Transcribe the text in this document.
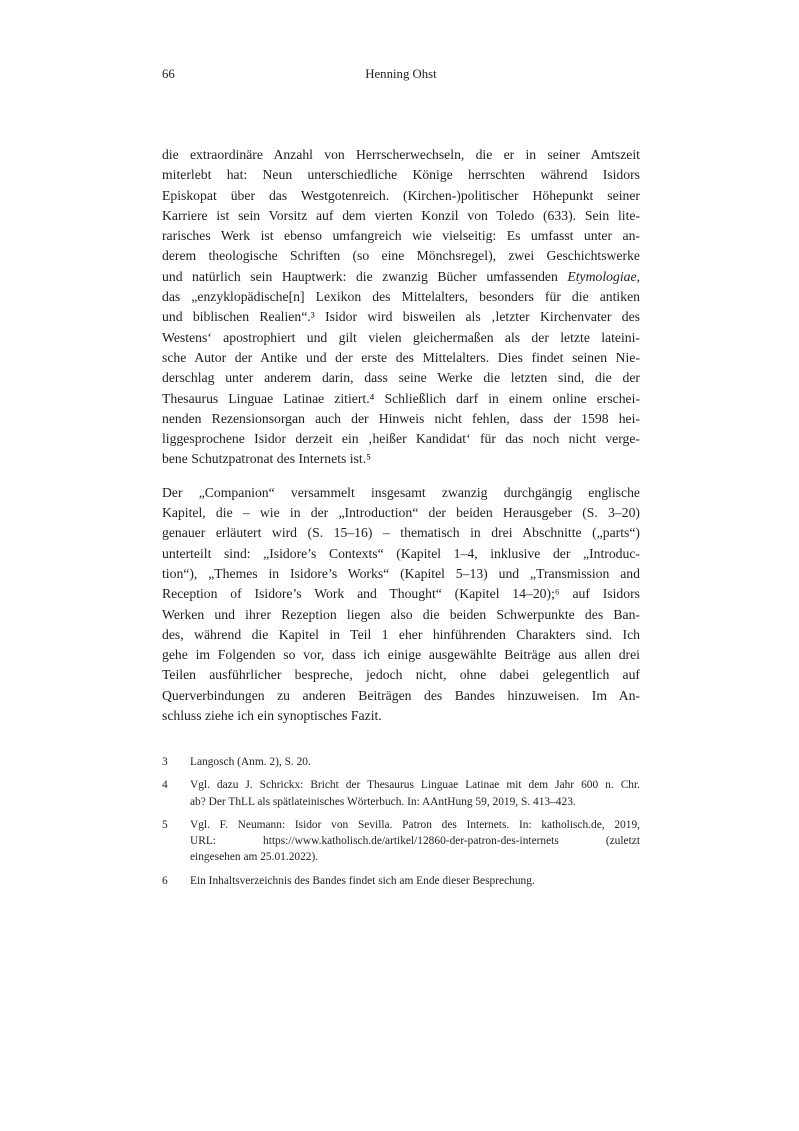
66	Henning Ohst
die extraordinäre Anzahl von Herrscherwechseln, die er in seiner Amtszeit
miterlebt hat: Neun unterschiedliche Könige herrschten während Isidors
Episkopat über das Westgotenreich. (Kirchen-)politischer Höhepunkt seiner
Karriere ist sein Vorsitz auf dem vierten Konzil von Toledo (633). Sein lite-
rarisches Werk ist ebenso umfangreich wie vielseitig: Es umfasst unter an-
derem theologische Schriften (so eine Mönchsregel), zwei Geschichtswerke
und natürlich sein Hauptwerk: die zwanzig Bücher umfassenden Etymologiae,
das „enzyklopädische[n] Lexikon des Mittelalters, besonders für die antiken
und biblischen Realien“.³ Isidor wird bisweilen als ‚letzter Kirchenvater des
Westens‘ apostrophiert und gilt vielen gleichermaßen als der letzte lateini-
sche Autor der Antike und der erste des Mittelalters. Dies findet seinen Nie-
derschlag unter anderem darin, dass seine Werke die letzten sind, die der
Thesaurus Linguae Latinae zitiert.⁴ Schließlich darf in einem online erschei-
nenden Rezensionsorgan auch der Hinweis nicht fehlen, dass der 1598 hei-
liggesprochene Isidor derzeit ein ‚heißer Kandidat‘ für das noch nicht verge-
bene Schutzpatronat des Internets ist.⁵
Der „Companion“ versammelt insgesamt zwanzig durchgängig englische
Kapitel, die – wie in der „Introduction“ der beiden Herausgeber (S. 3–20)
genauer erläutert wird (S. 15–16) – thematisch in drei Abschnitte („parts“)
unterteilt sind: „Isidore’s Contexts“ (Kapitel 1–4, inklusive der „Introduc-
tion“), „Themes in Isidore’s Works“ (Kapitel 5–13) und „Transmission and
Reception of Isidore’s Work and Thought“ (Kapitel 14–20);⁶ auf Isidors
Werken und ihrer Rezeption liegen also die beiden Schwerpunkte des Ban-
des, während die Kapitel in Teil 1 eher hinführenden Charakters sind. Ich
gehe im Folgenden so vor, dass ich einige ausgewählte Beiträge aus allen drei
Teilen ausführlicher bespreche, jedoch nicht, ohne dabei gelegentlich auf
Querverbindungen zu anderen Beiträgen des Bandes hinzuweisen. Im An-
schluss ziehe ich ein synoptisches Fazit.
3	Langosch (Anm. 2), S. 20.
4	Vgl. dazu J. Schrickx: Bricht der Thesaurus Linguae Latinae mit dem Jahr 600 n. Chr.
ab? Der ThLL als spätlateinisches Wörterbuch. In: AAntHung 59, 2019, S. 413–423.
5	Vgl. F. Neumann: Isidor von Sevilla. Patron des Internets. In: katholisch.de, 2019,
URL: https://www.katholisch.de/artikel/12860-der-patron-des-internets (zuletzt
eingesehen am 25.01.2022).
6	Ein Inhaltsverzeichnis des Bandes findet sich am Ende dieser Besprechung.
